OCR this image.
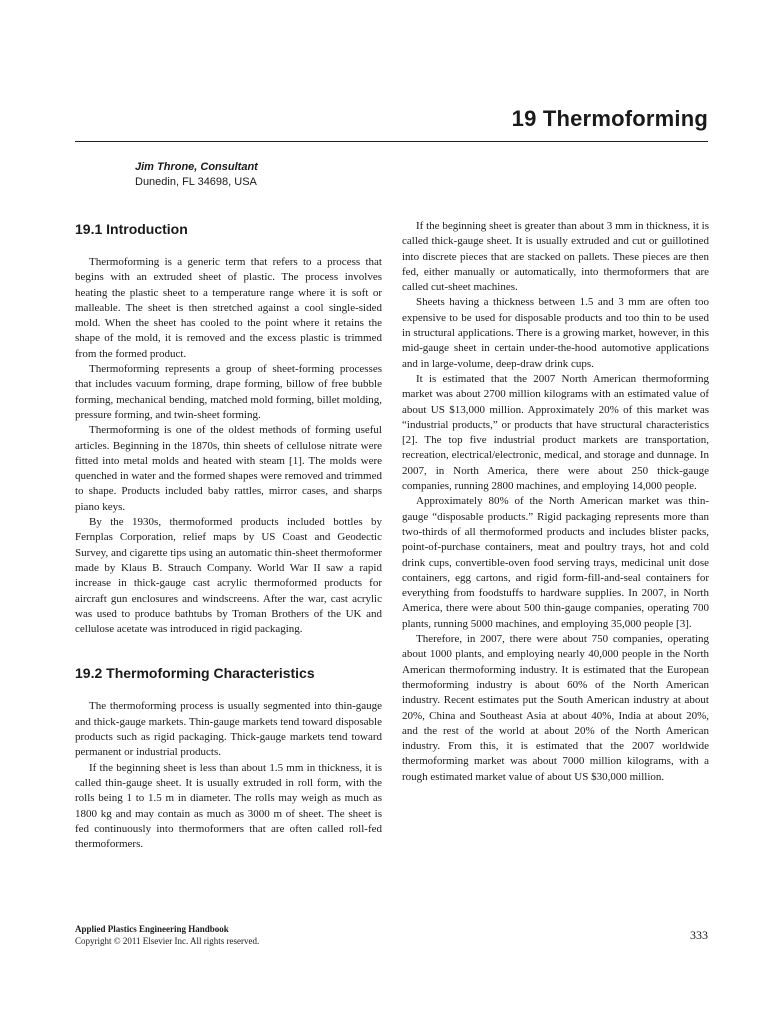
19 Thermoforming
Jim Throne, Consultant
Dunedin, FL 34698, USA
19.1 Introduction

Thermoforming is a generic term that refers to a process that begins with an extruded sheet of plastic. The process involves heating the plastic sheet to a temperature range where it is soft or malleable. The sheet is then stretched against a cool single-sided mold. When the sheet has cooled to the point where it retains the shape of the mold, it is removed and the excess plastic is trimmed from the formed product.

Thermoforming represents a group of sheet-forming processes that includes vacuum forming, drape forming, billow of free bubble forming, mechanical bending, matched mold forming, billet molding, pressure forming, and twin-sheet forming.

Thermoforming is one of the oldest methods of forming useful articles. Beginning in the 1870s, thin sheets of cellulose nitrate were fitted into metal molds and heated with steam [1]. The molds were quenched in water and the formed shapes were removed and trimmed to shape. Products included baby rattles, mirror cases, and sharps piano keys.

By the 1930s, thermoformed products included bottles by Fernplas Corporation, relief maps by US Coast and Geodectic Survey, and cigarette tips using an automatic thin-sheet thermoformer made by Klaus B. Strauch Company. World War II saw a rapid increase in thick-gauge cast acrylic thermoformed products for aircraft gun enclosures and windscreens. After the war, cast acrylic was used to produce bathtubs by Troman Brothers of the UK and cellulose acetate was introduced in rigid packaging.

19.2 Thermoforming Characteristics

The thermoforming process is usually segmented into thin-gauge and thick-gauge markets. Thin-gauge markets tend toward disposable products such as rigid packaging. Thick-gauge markets tend toward permanent or industrial products.

If the beginning sheet is less than about 1.5 mm in thickness, it is called thin-gauge sheet. It is usually extruded in roll form, with the rolls being 1 to 1.5 m in diameter. The rolls may weigh as much as 1800 kg and may contain as much as 3000 m of sheet. The sheet is fed continuously into thermoformers that are often called roll-fed thermoformers.

If the beginning sheet is greater than about 3 mm in thickness, it is called thick-gauge sheet. It is usually extruded and cut or guillotined into discrete pieces that are stacked on pallets. These pieces are then fed, either manually or automatically, into thermoformers that are called cut-sheet machines.

Sheets having a thickness between 1.5 and 3 mm are often too expensive to be used for disposable products and too thin to be used in structural applications. There is a growing market, however, in this mid-gauge sheet in certain under-the-hood automotive applications and in large-volume, deep-draw drink cups.

It is estimated that the 2007 North American thermoforming market was about 2700 million kilograms with an estimated value of about US $13,000 million. Approximately 20% of this market was “industrial products,” or products that have structural characteristics [2]. The top five industrial product markets are transportation, recreation, electrical/electronic, medical, and storage and dunnage. In 2007, in North America, there were about 250 thick-gauge companies, running 2800 machines, and employing 14,000 people.

Approximately 80% of the North American market was thin-gauge “disposable products.” Rigid packaging represents more than two-thirds of all thermoformed products and includes blister packs, point-of-purchase containers, meat and poultry trays, hot and cold drink cups, convertible-oven food serving trays, medicinal unit dose containers, egg cartons, and rigid form-fill-and-seal containers for everything from foodstuffs to hardware supplies. In 2007, in North America, there were about 500 thin-gauge companies, operating 700 plants, running 5000 machines, and employing 35,000 people [3].

Therefore, in 2007, there were about 750 companies, operating about 1000 plants, and employing nearly 40,000 people in the North American thermoforming industry. It is estimated that the European thermoforming industry is about 60% of the North American industry. Recent estimates put the South American industry at about 20%, China and Southeast Asia at about 40%, India at about 20%, and the rest of the world at about 20% of the North American industry. From this, it is estimated that the 2007 worldwide thermoforming market was about 7000 million kilograms, with a rough estimated market value of about US $30,000 million.

Applied Plastics Engineering Handbook
Copyright © 2011 Elsevier Inc. All rights reserved.	333
